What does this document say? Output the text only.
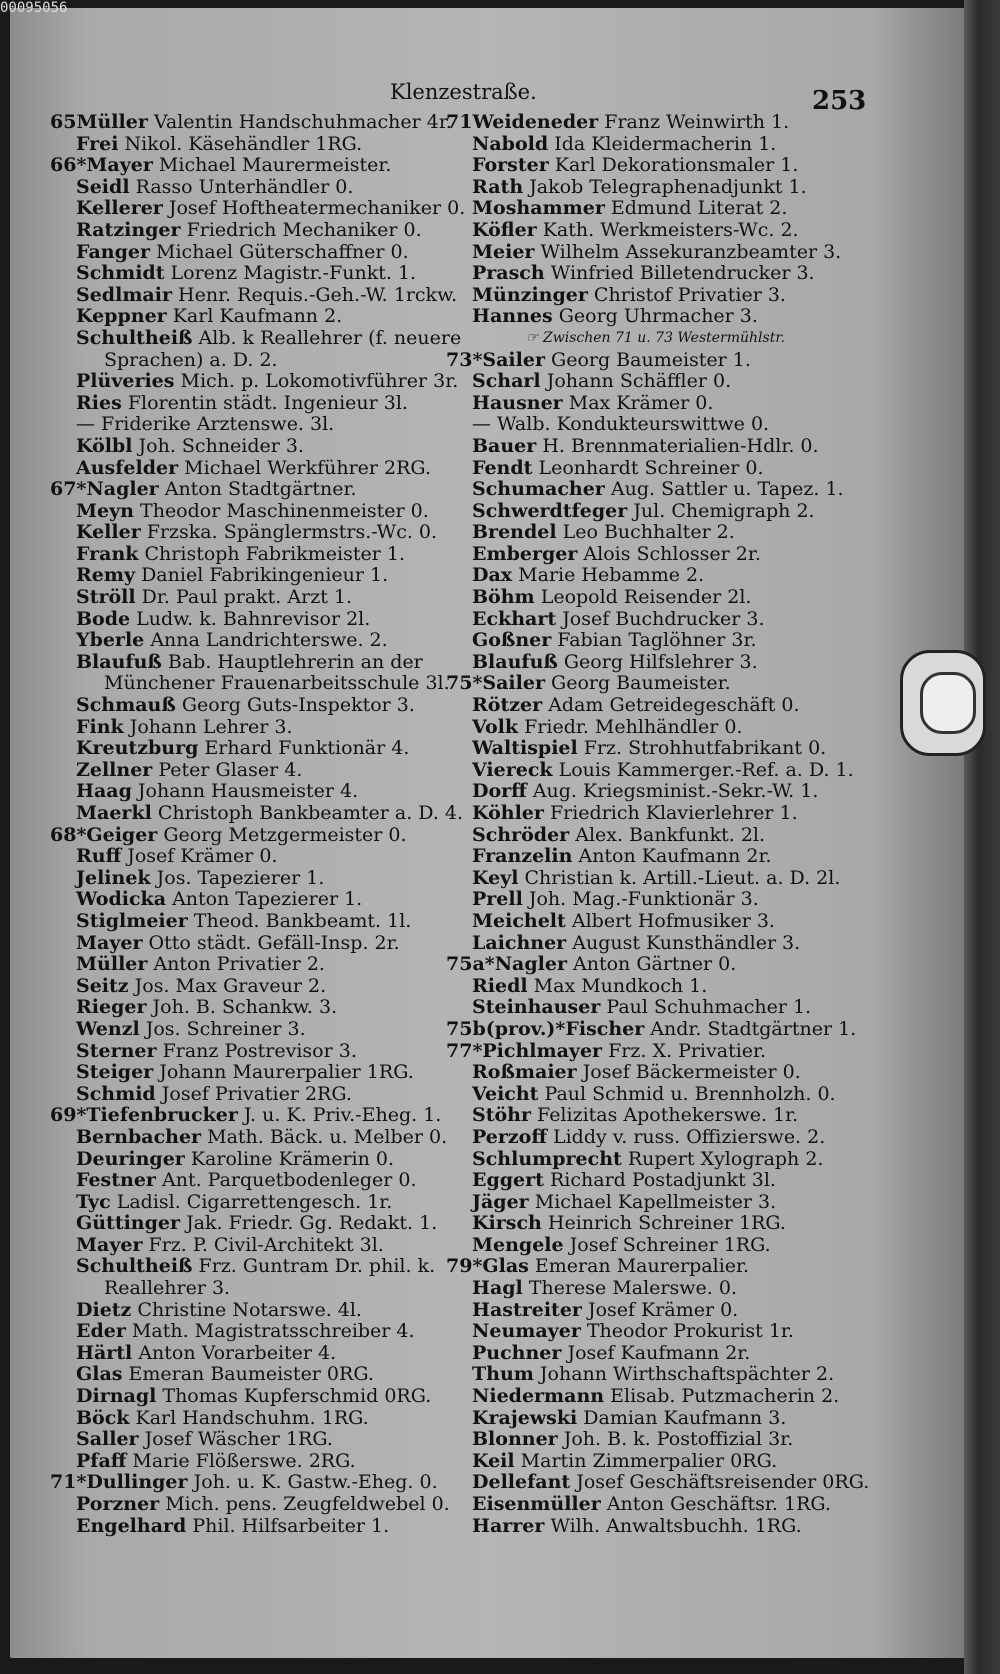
00095056
Klenzestraße.	253
65Müller Valentin Handschuhmacher 4r.
Frei Nikol. Käsehändler 1RG.
66*Mayer Michael Maurermeister.
Seidl Rasso Unterhändler 0.
Kellerer Josef Hoftheatermechaniker 0.
Ratzinger Friedrich Mechaniker 0.
Fanger Michael Güterschaffner 0.
Schmidt Lorenz Magistr.-Funkt. 1.
Sedlmair Henr. Requis.-Geh.-W. 1rckw.
Keppner Karl Kaufmann 2.
Schultheiß Alb. k Reallehrer (f. neuere
Sprachen) a. D. 2.
Plüveries Mich. p. Lokomotivführer 3r.
Ries Florentin städt. Ingenieur 3l.
— Friderike Arztenswe. 3l.
Kölbl Joh. Schneider 3.
Ausfelder Michael Werkführer 2RG.
67*Nagler Anton Stadtgärtner.
Meyn Theodor Maschinenmeister 0.
Keller Frzska. Spänglermstrs.-Wc. 0.
Frank Christoph Fabrikmeister 1.
Remy Daniel Fabrikingenieur 1.
Ströll Dr. Paul prakt. Arzt 1.
Bode Ludw. k. Bahnrevisor 2l.
Yberle Anna Landrichterswe. 2.
Blaufuß Bab. Hauptlehrerin an der
Münchener Frauenarbeitsschule 3l.
Schmauß Georg Guts-Inspektor 3.
Fink Johann Lehrer 3.
Kreutzburg Erhard Funktionär 4.
Zellner Peter Glaser 4.
Haag Johann Hausmeister 4.
Maerkl Christoph Bankbeamter a. D. 4.
68*Geiger Georg Metzgermeister 0.
Ruff Josef Krämer 0.
Jelinek Jos. Tapezierer 1.
Wodicka Anton Tapezierer 1.
Stiglmeier Theod. Bankbeamt. 1l.
Mayer Otto städt. Gefäll-Insp. 2r.
Müller Anton Privatier 2.
Seitz Jos. Max Graveur 2.
Rieger Joh. B. Schankw. 3.
Wenzl Jos. Schreiner 3.
Sterner Franz Postrevisor 3.
Steiger Johann Maurerpalier 1RG.
Schmid Josef Privatier 2RG.
69*Tiefenbrucker J. u. K. Priv.-Eheg. 1.
Bernbacher Math. Bäck. u. Melber 0.
Deuringer Karoline Krämerin 0.
Festner Ant. Parquetbodenleger 0.
Tyc Ladisl. Cigarrettengesch. 1r.
Güttinger Jak. Friedr. Gg. Redakt. 1.
Mayer Frz. P. Civil-Architekt 3l.
Schultheiß Frz. Guntram Dr. phil. k.
Reallehrer 3.
Dietz Christine Notarswe. 4l.
Eder Math. Magistratsschreiber 4.
Härtl Anton Vorarbeiter 4.
Glas Emeran Baumeister 0RG.
Dirnagl Thomas Kupferschmid 0RG.
Böck Karl Handschuhm. 1RG.
Saller Josef Wäscher 1RG.
Pfaff Marie Flößerswe. 2RG.
71*Dullinger Joh. u. K. Gastw.-Eheg. 0.
Porzner Mich. pens. Zeugfeldwebel 0.
Engelhard Phil. Hilfsarbeiter 1.
71Weideneder Franz Weinwirth 1.
Nabold Ida Kleidermacherin 1.
Forster Karl Dekorationsmaler 1.
Rath Jakob Telegraphenadjunkt 1.
Moshammer Edmund Literat 2.
Köfler Kath. Werkmeisters-Wc. 2.
Meier Wilhelm Assekuranzbeamter 3.
Prasch Winfried Billetendrucker 3.
Münzinger Christof Privatier 3.
Hannes Georg Uhrmacher 3.
☞ Zwischen 71 u. 73 Westermühlstr.
73*Sailer Georg Baumeister 1.
Scharl Johann Schäffler 0.
Hausner Max Krämer 0.
— Walb. Kondukteurswittwe 0.
Bauer H. Brennmaterialien-Hdlr. 0.
Fendt Leonhardt Schreiner 0.
Schumacher Aug. Sattler u. Tapez. 1.
Schwerdtfeger Jul. Chemigraph 2.
Brendel Leo Buchhalter 2.
Emberger Alois Schlosser 2r.
Dax Marie Hebamme 2.
Böhm Leopold Reisender 2l.
Eckhart Josef Buchdrucker 3.
Goßner Fabian Taglöhner 3r.
Blaufuß Georg Hilfslehrer 3.
75*Sailer Georg Baumeister.
Rötzer Adam Getreidegeschäft 0.
Volk Friedr. Mehlhändler 0.
Waltispiel Frz. Strohhutfabrikant 0.
Viereck Louis Kammerger.-Ref. a. D. 1.
Dorff Aug. Kriegsminist.-Sekr.-W. 1.
Köhler Friedrich Klavierlehrer 1.
Schröder Alex. Bankfunkt. 2l.
Franzelin Anton Kaufmann 2r.
Keyl Christian k. Artill.-Lieut. a. D. 2l.
Prell Joh. Mag.-Funktionär 3.
Meichelt Albert Hofmusiker 3.
Laichner August Kunsthändler 3.
75a*Nagler Anton Gärtner 0.
Riedl Max Mundkoch 1.
Steinhauser Paul Schuhmacher 1.
75b(prov.)*Fischer Andr. Stadtgärtner 1.
77*Pichlmayer Frz. X. Privatier.
Roßmaier Josef Bäckermeister 0.
Veicht Paul Schmid u. Brennholzh. 0.
Stöhr Felizitas Apothekerswe. 1r.
Perzoff Liddy v. russ. Offizierswe. 2.
Schlumprecht Rupert Xylograph 2.
Eggert Richard Postadjunkt 3l.
Jäger Michael Kapellmeister 3.
Kirsch Heinrich Schreiner 1RG.
Mengele Josef Schreiner 1RG.
79*Glas Emeran Maurerpalier.
Hagl Therese Malerswe. 0.
Hastreiter Josef Krämer 0.
Neumayer Theodor Prokurist 1r.
Puchner Josef Kaufmann 2r.
Thum Johann Wirthschaftspächter 2.
Niedermann Elisab. Putzmacherin 2.
Krajewski Damian Kaufmann 3.
Blonner Joh. B. k. Postoffizial 3r.
Keil Martin Zimmerpalier 0RG.
Dellefant Josef Geschäftsreisender 0RG.
Eisenmüller Anton Geschäftsr. 1RG.
Harrer Wilh. Anwaltsbuchh. 1RG.
